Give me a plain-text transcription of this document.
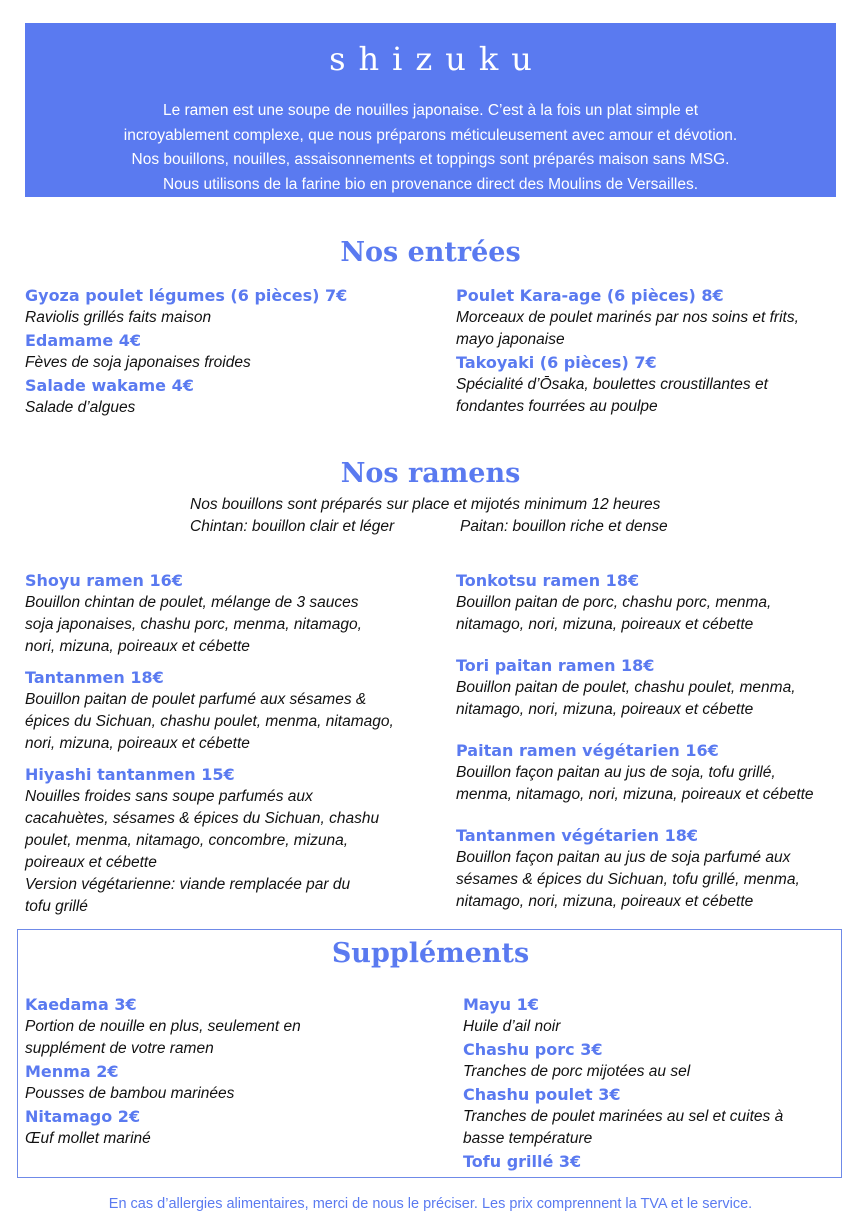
shizuku
Le ramen est une soupe de nouilles japonaise. C’est à la fois un plat simple et
incroyablement complexe, que nous préparons méticuleusement avec amour et dévotion.
Nos bouillons, nouilles, assaisonnements et toppings sont préparés maison sans MSG.
Nous utilisons de la farine bio en provenance direct des Moulins de Versailles.
Nos entrées
Gyoza poulet légumes (6 pièces) 7€
Raviolis grillés faits maison
Edamame 4€
Fèves de soja japonaises froides
Salade wakame 4€
Salade d’algues
Poulet Kara-age (6 pièces) 8€
Morceaux de poulet marinés par nos soins et frits,
mayo japonaise
Takoyaki (6 pièces) 7€
Spécialité d’Ōsaka, boulettes croustillantes et
fondantes fourrées au poulpe
Nos ramens
Nos bouillons sont préparés sur place et mijotés minimum 12 heures
Chintan: bouillon clair et léger	Paitan: bouillon riche et dense
Shoyu ramen 16€
Bouillon chintan de poulet, mélange de 3 sauces
soja japonaises, chashu porc, menma, nitamago,
nori, mizuna, poireaux et cébette
Tantanmen 18€
Bouillon paitan de poulet parfumé aux sésames &
épices du Sichuan, chashu poulet, menma, nitamago,
nori, mizuna, poireaux et cébette
Hiyashi tantanmen 15€
Nouilles froides sans soupe parfumés aux
cacahuètes, sésames & épices du Sichuan, chashu
poulet, menma, nitamago, concombre, mizuna,
poireaux et cébette
Version végétarienne: viande remplacée par du
tofu grillé
Tonkotsu ramen 18€
Bouillon paitan de porc, chashu porc, menma,
nitamago, nori, mizuna, poireaux et cébette
Tori paitan ramen 18€
Bouillon paitan de poulet, chashu poulet, menma,
nitamago, nori, mizuna, poireaux et cébette
Paitan ramen végétarien 16€
Bouillon façon paitan au jus de soja, tofu grillé,
menma, nitamago, nori, mizuna, poireaux et cébette
Tantanmen végétarien 18€
Bouillon façon paitan au jus de soja parfumé aux
sésames & épices du Sichuan, tofu grillé, menma,
nitamago, nori, mizuna, poireaux et cébette
Suppléments
Kaedama 3€
Portion de nouille en plus, seulement en
supplément de votre ramen
Menma 2€
Pousses de bambou marinées
Nitamago 2€
Œuf mollet mariné
Mayu 1€
Huile d’ail noir
Chashu porc 3€
Tranches de porc mijotées au sel
Chashu poulet 3€
Tranches de poulet marinées au sel et cuites à
basse température
Tofu grillé 3€
En cas d’allergies alimentaires, merci de nous le préciser. Les prix comprennent la TVA et le service.
